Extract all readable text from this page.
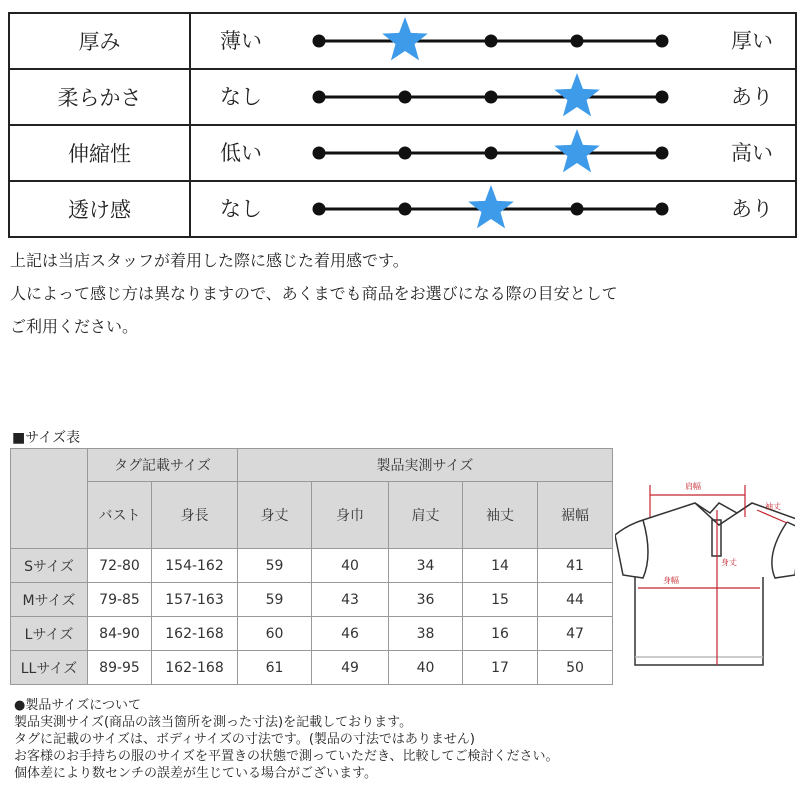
厚み	薄い	厚い
柔らかさ	なし	あり
伸縮性	低い	高い
透け感	なし	あり
上記は当店スタッフが着用した際に感じた着用感です。
人によって感じ方は異なりますので、あくまでも商品をお選びになる際の目安として
ご利用ください。
■サイズ表
	タグ記載サイズ		製品実測サイズ				
	バスト	身長	身丈	身巾	肩丈	袖丈	裾幅
Sサイズ	72-80	154-162	59	40	34	14	41
Mサイズ	79-85	157-163	59	43	36	15	44
Lサイズ	84-90	162-168	60	46	38	16	47
LLサイズ	89-95	162-168	61	49	40	17	50
肩幅
袖丈
身丈
身幅
●製品サイズについて
製品実測サイズ(商品の該当箇所を測った寸法)を記載しております。
タグに記載のサイズは、ボディサイズの寸法です。(製品の寸法ではありません)
お客様のお手持ちの服のサイズを平置きの状態で測っていただき、比較してご検討ください。
個体差により数センチの誤差が生じている場合がございます。
